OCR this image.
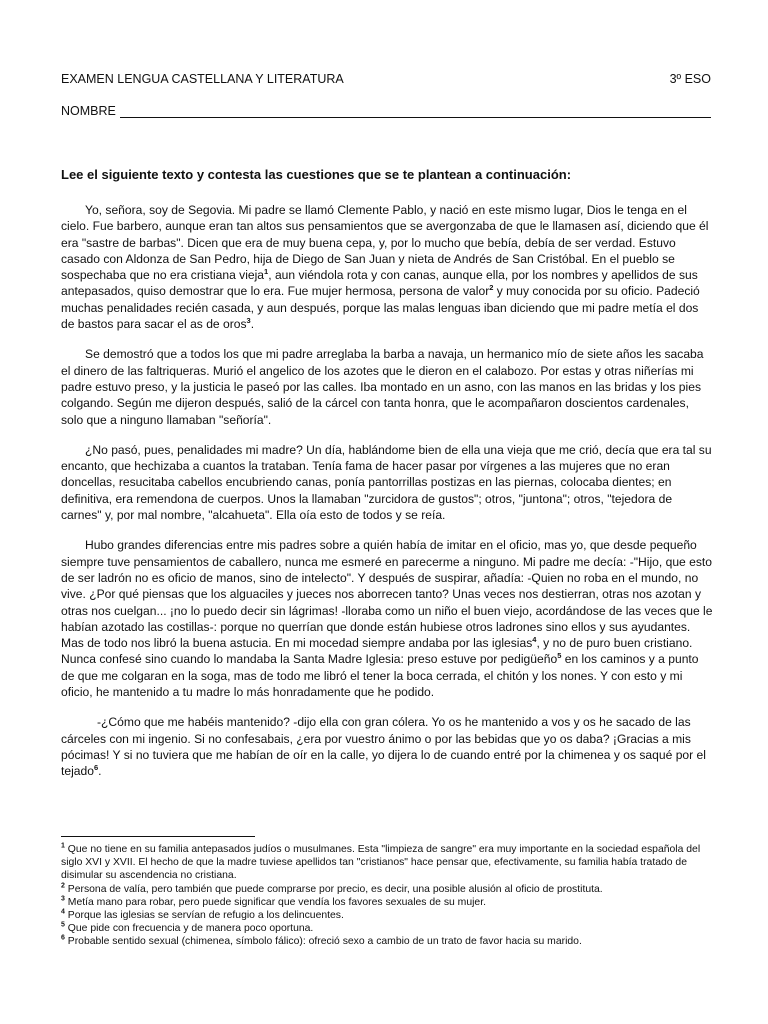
EXAMEN LENGUA CASTELLANA Y LITERATURA	3º ESO
NOMBRE
Lee el siguiente texto y contesta las cuestiones que se te plantean a continuación:

Yo, señora, soy de Segovia. Mi padre se llamó Clemente Pablo, y nació en este mismo lugar, Dios le tenga en el cielo. Fue barbero, aunque eran tan altos sus pensamientos que se avergonzaba de que le llamasen así, diciendo que él era "sastre de barbas". Dicen que era de muy buena cepa, y, por lo mucho que bebía, debía de ser verdad. Estuvo casado con Aldonza de San Pedro, hija de Diego de San Juan y nieta de Andrés de San Cristóbal. En el pueblo se sospechaba que no era cristiana vieja$^1$, aun viéndola rota y con canas, aunque ella, por los nombres y apellidos de sus antepasados, quiso demostrar que lo era. Fue mujer hermosa, persona de valor$^2$ y muy conocida por su oficio. Padeció muchas penalidades recién casada, y aun después, porque las malas lenguas iban diciendo que mi padre metía el dos de bastos para sacar el as de oros$^3$.

Se demostró que a todos los que mi padre arreglaba la barba a navaja, un hermanico mío de siete años les sacaba el dinero de las faltriqueras. Murió el angelico de los azotes que le dieron en el calabozo. Por estas y otras niñerías mi padre estuvo preso, y la justicia le paseó por las calles. Iba montado en un asno, con las manos en las bridas y los pies colgando. Según me dijeron después, salió de la cárcel con tanta honra, que le acompañaron doscientos cardenales, solo que a ninguno llamaban "señoría".

¿No pasó, pues, penalidades mi madre? Un día, hablándome bien de ella una vieja que me crió, decía que era tal su encanto, que hechizaba a cuantos la trataban. Tenía fama de hacer pasar por vírgenes a las mujeres que no eran doncellas, resucitaba cabellos encubriendo canas, ponía pantorrillas postizas en las piernas, colocaba dientes; en definitiva, era remendona de cuerpos. Unos la llamaban "zurcidora de gustos"; otros, "juntona"; otros, "tejedora de carnes" y, por mal nombre, "alcahueta". Ella oía esto de todos y se reía.

Hubo grandes diferencias entre mis padres sobre a quién había de imitar en el oficio, mas yo, que desde pequeño siempre tuve pensamientos de caballero, nunca me esmeré en parecerme a ninguno. Mi padre me decía: -"Hijo, que esto de ser ladrón no es oficio de manos, sino de intelecto". Y después de suspirar, añadía: -Quien no roba en el mundo, no vive. ¿Por qué piensas que los alguaciles y jueces nos aborrecen tanto? Unas veces nos destierran, otras nos azotan y otras nos cuelgan... ¡no lo puedo decir sin lágrimas! -lloraba como un niño el buen viejo, acordándose de las veces que le habían azotado las costillas-: porque no querrían que donde están hubiese otros ladrones sino ellos y sus ayudantes. Mas de todo nos libró la buena astucia. En mi mocedad siempre andaba por las iglesias$^4$, y no de puro buen cristiano. Nunca confesé sino cuando lo mandaba la Santa Madre Iglesia: preso estuve por pedigüeño$^5$ en los caminos y a punto de que me colgaran en la soga, mas de todo me libró el tener la boca cerrada, el chitón y los nones. Y con esto y mi oficio, he mantenido a tu madre lo más honradamente que he podido.

-¿Cómo que me habéis mantenido? -dijo ella con gran cólera. Yo os he mantenido a vos y os he sacado de las cárceles con mi ingenio. Si no confesabais, ¿era por vuestro ánimo o por las bebidas que yo os daba? ¡Gracias a mis pócimas! Y si no tuviera que me habían de oír en la calle, yo dijera lo de cuando entré por la chimenea y os saqué por el tejado$^6$.

$^1$ Que no tiene en su familia antepasados judíos o musulmanes. Esta "limpieza de sangre" era muy importante en la sociedad española del siglo XVI y XVII. El hecho de que la madre tuviese apellidos tan "cristianos" hace pensar que, efectivamente, su familia había tratado de disimular su ascendencia no cristiana.

$^2$ Persona de valía, pero también que puede comprarse por precio, es decir, una posible alusión al oficio de prostituta.

$^3$ Metía mano para robar, pero puede significar que vendía los favores sexuales de su mujer.

$^4$ Porque las iglesias se servían de refugio a los delincuentes.

$^5$ Que pide con frecuencia y de manera poco oportuna.

$^6$ Probable sentido sexual (chimenea, símbolo fálico): ofreció sexo a cambio de un trato de favor hacia su marido.
